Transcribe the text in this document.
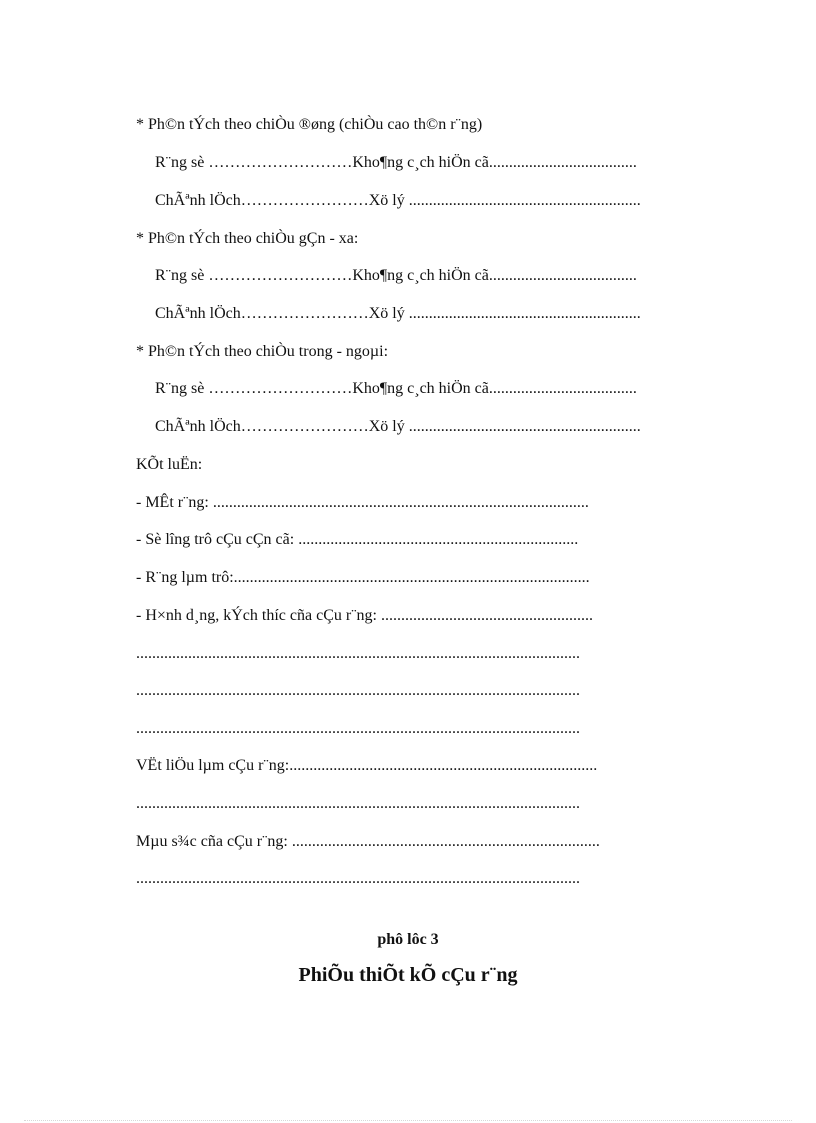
* Ph©n tÝch theo chiÒu ®øng (chiÒu cao th©n r¨ng)
R¨ng sè ………………………Kho¶ng c¸ch hiÖn cã.....................................
ChÃªnh lÖch……………………Xö lý ..........................................................
* Ph©n tÝch theo chiÒu gÇn - xa:
R¨ng sè ………………………Kho¶ng c¸ch hiÖn cã.....................................
ChÃªnh lÖch……………………Xö lý ..........................................................
* Ph©n tÝch theo chiÒu trong - ngoµi:
R¨ng sè ………………………Kho¶ng c¸ch hiÖn cã.....................................
ChÃªnh lÖch……………………Xö lý ..........................................................
KÕt luËn:
- MÊt r¨ng: ..............................................................................................
- Sè lîng trô cÇu cÇn cã: ......................................................................
- R¨ng lµm trô:.........................................................................................
- H×nh d¸ng, kÝch thíc cña cÇu r¨ng: .....................................................
...............................................................................................................
...............................................................................................................
...............................................................................................................
VËt liÖu lµm cÇu r¨ng:.............................................................................
...............................................................................................................
Mµu s¾c cña cÇu r¨ng: .............................................................................
...............................................................................................................
phô lôc 3
PhiÕu thiÕt kÕ cÇu r¨ng
